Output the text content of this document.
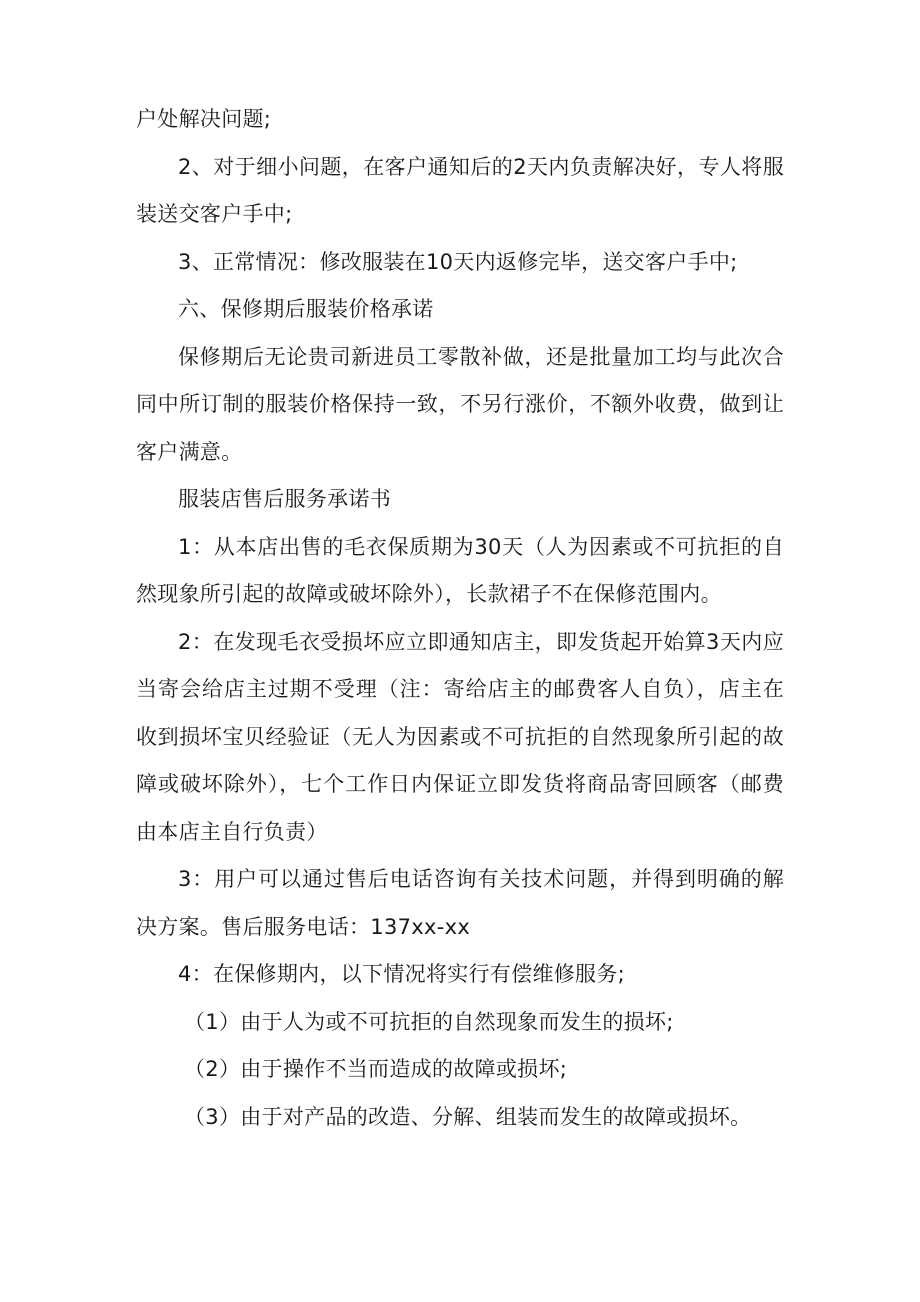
户处解决问题;

2、对于细小问题，在客户通知后的2天内负责解决好，专人将服装送交客户手中;

3、正常情况：修改服装在10天内返修完毕，送交客户手中;

六、保修期后服装价格承诺

保修期后无论贵司新进员工零散补做，还是批量加工均与此次合同中所订制的服装价格保持一致，不另行涨价，不额外收费，做到让客户满意。

服装店售后服务承诺书

1：从本店出售的毛衣保质期为30天（人为因素或不可抗拒的自然现象所引起的故障或破坏除外），长款裙子不在保修范围内。

2：在发现毛衣受损坏应立即通知店主，即发货起开始算3天内应当寄会给店主过期不受理（注：寄给店主的邮费客人自负），店主在收到损坏宝贝经验证（无人为因素或不可抗拒的自然现象所引起的故障或破坏除外），七个工作日内保证立即发货将商品寄回顾客（邮费由本店主自行负责）

3：用户可以通过售后电话咨询有关技术问题，并得到明确的解决方案。售后服务电话：137xx-xx

4：在保修期内，以下情况将实行有偿维修服务;

（1）由于人为或不可抗拒的自然现象而发生的损坏;

（2）由于操作不当而造成的故障或损坏;

（3）由于对产品的改造、分解、组装而发生的故障或损坏。
